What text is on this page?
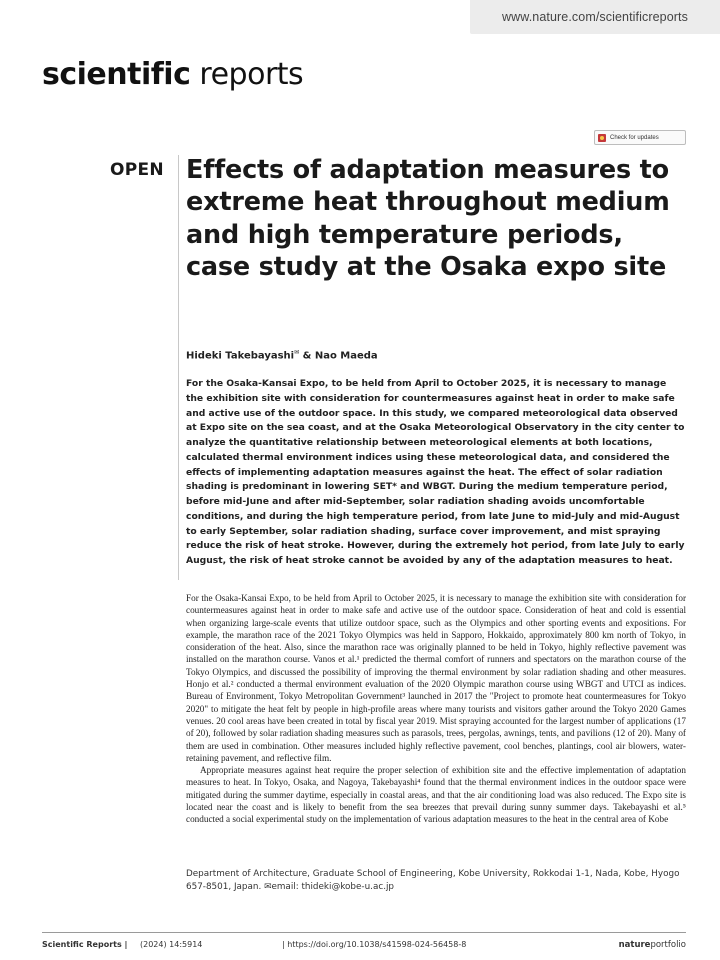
www.nature.com/scientificreports
scientific reports
Check for updates
OPEN Effects of adaptation measures to extreme heat throughout medium and high temperature periods, case study at the Osaka expo site
Hideki Takebayashi✉ & Nao Maeda
For the Osaka-Kansai Expo, to be held from April to October 2025, it is necessary to manage the exhibition site with consideration for countermeasures against heat in order to make safe and active use of the outdoor space. In this study, we compared meteorological data observed at Expo site on the sea coast, and at the Osaka Meteorological Observatory in the city center to analyze the quantitative relationship between meteorological elements at both locations, calculated thermal environment indices using these meteorological data, and considered the effects of implementing adaptation measures against the heat. The effect of solar radiation shading is predominant in lowering SET* and WBGT. During the medium temperature period, before mid-June and after mid-September, solar radiation shading avoids uncomfortable conditions, and during the high temperature period, from late June to mid-July and mid-August to early September, solar radiation shading, surface cover improvement, and mist spraying reduce the risk of heat stroke. However, during the extremely hot period, from late July to early August, the risk of heat stroke cannot be avoided by any of the adaptation measures to heat.

For the Osaka-Kansai Expo, to be held from April to October 2025, it is necessary to manage the exhibition site with consideration for countermeasures against heat in order to make safe and active use of the outdoor space. Consideration of heat and cold is essential when organizing large-scale events that utilize outdoor space, such as the Olympics and other sporting events and expositions. For example, the marathon race of the 2021 Tokyo Olympics was held in Sapporo, Hokkaido, approximately 800 km north of Tokyo, in consideration of the heat. Also, since the marathon race was originally planned to be held in Tokyo, highly reflective pavement was installed on the marathon course. Vanos et al.¹ predicted the thermal comfort of runners and spectators on the marathon course of the Tokyo Olympics, and discussed the possibility of improving the thermal environment by solar radiation shading and other measures. Honjo et al.² conducted a thermal environment evaluation of the 2020 Olympic marathon course using WBGT and UTCI as indices. Bureau of Environment, Tokyo Metropolitan Government³ launched in 2017 the "Project to promote heat countermeasures for Tokyo 2020" to mitigate the heat felt by people in high-profile areas where many tourists and visitors gather around the Tokyo 2020 Games venues. 20 cool areas have been created in total by fiscal year 2019. Mist spraying accounted for the largest number of applications (17 of 20), followed by solar radiation shading measures such as parasols, trees, pergolas, awnings, tents, and pavilions (12 of 20). Many of them are used in combination. Other measures included highly reflective pavement, cool benches, plantings, cool air blowers, water-retaining pavement, and reflective film.

Appropriate measures against heat require the proper selection of exhibition site and the effective implementation of adaptation measures to heat. In Tokyo, Osaka, and Nagoya, Takebayashi⁴ found that the thermal environment indices in the outdoor space were mitigated during the summer daytime, especially in coastal areas, and that the air conditioning load was also reduced. The Expo site is located near the coast and is likely to benefit from the sea breezes that prevail during sunny summer days. Takebayashi et al.⁵ conducted a social experimental study on the implementation of various adaptation measures to the heat in the central area of Kobe

Department of Architecture, Graduate School of Engineering, Kobe University, Rokkodai 1-1, Nada, Kobe, Hyogo 657-8501, Japan. ✉email: thideki@kobe-u.ac.jp
Scientific Reports | (2024) 14:5914	| https://doi.org/10.1038/s41598-024-56458-8	natureportfolio
